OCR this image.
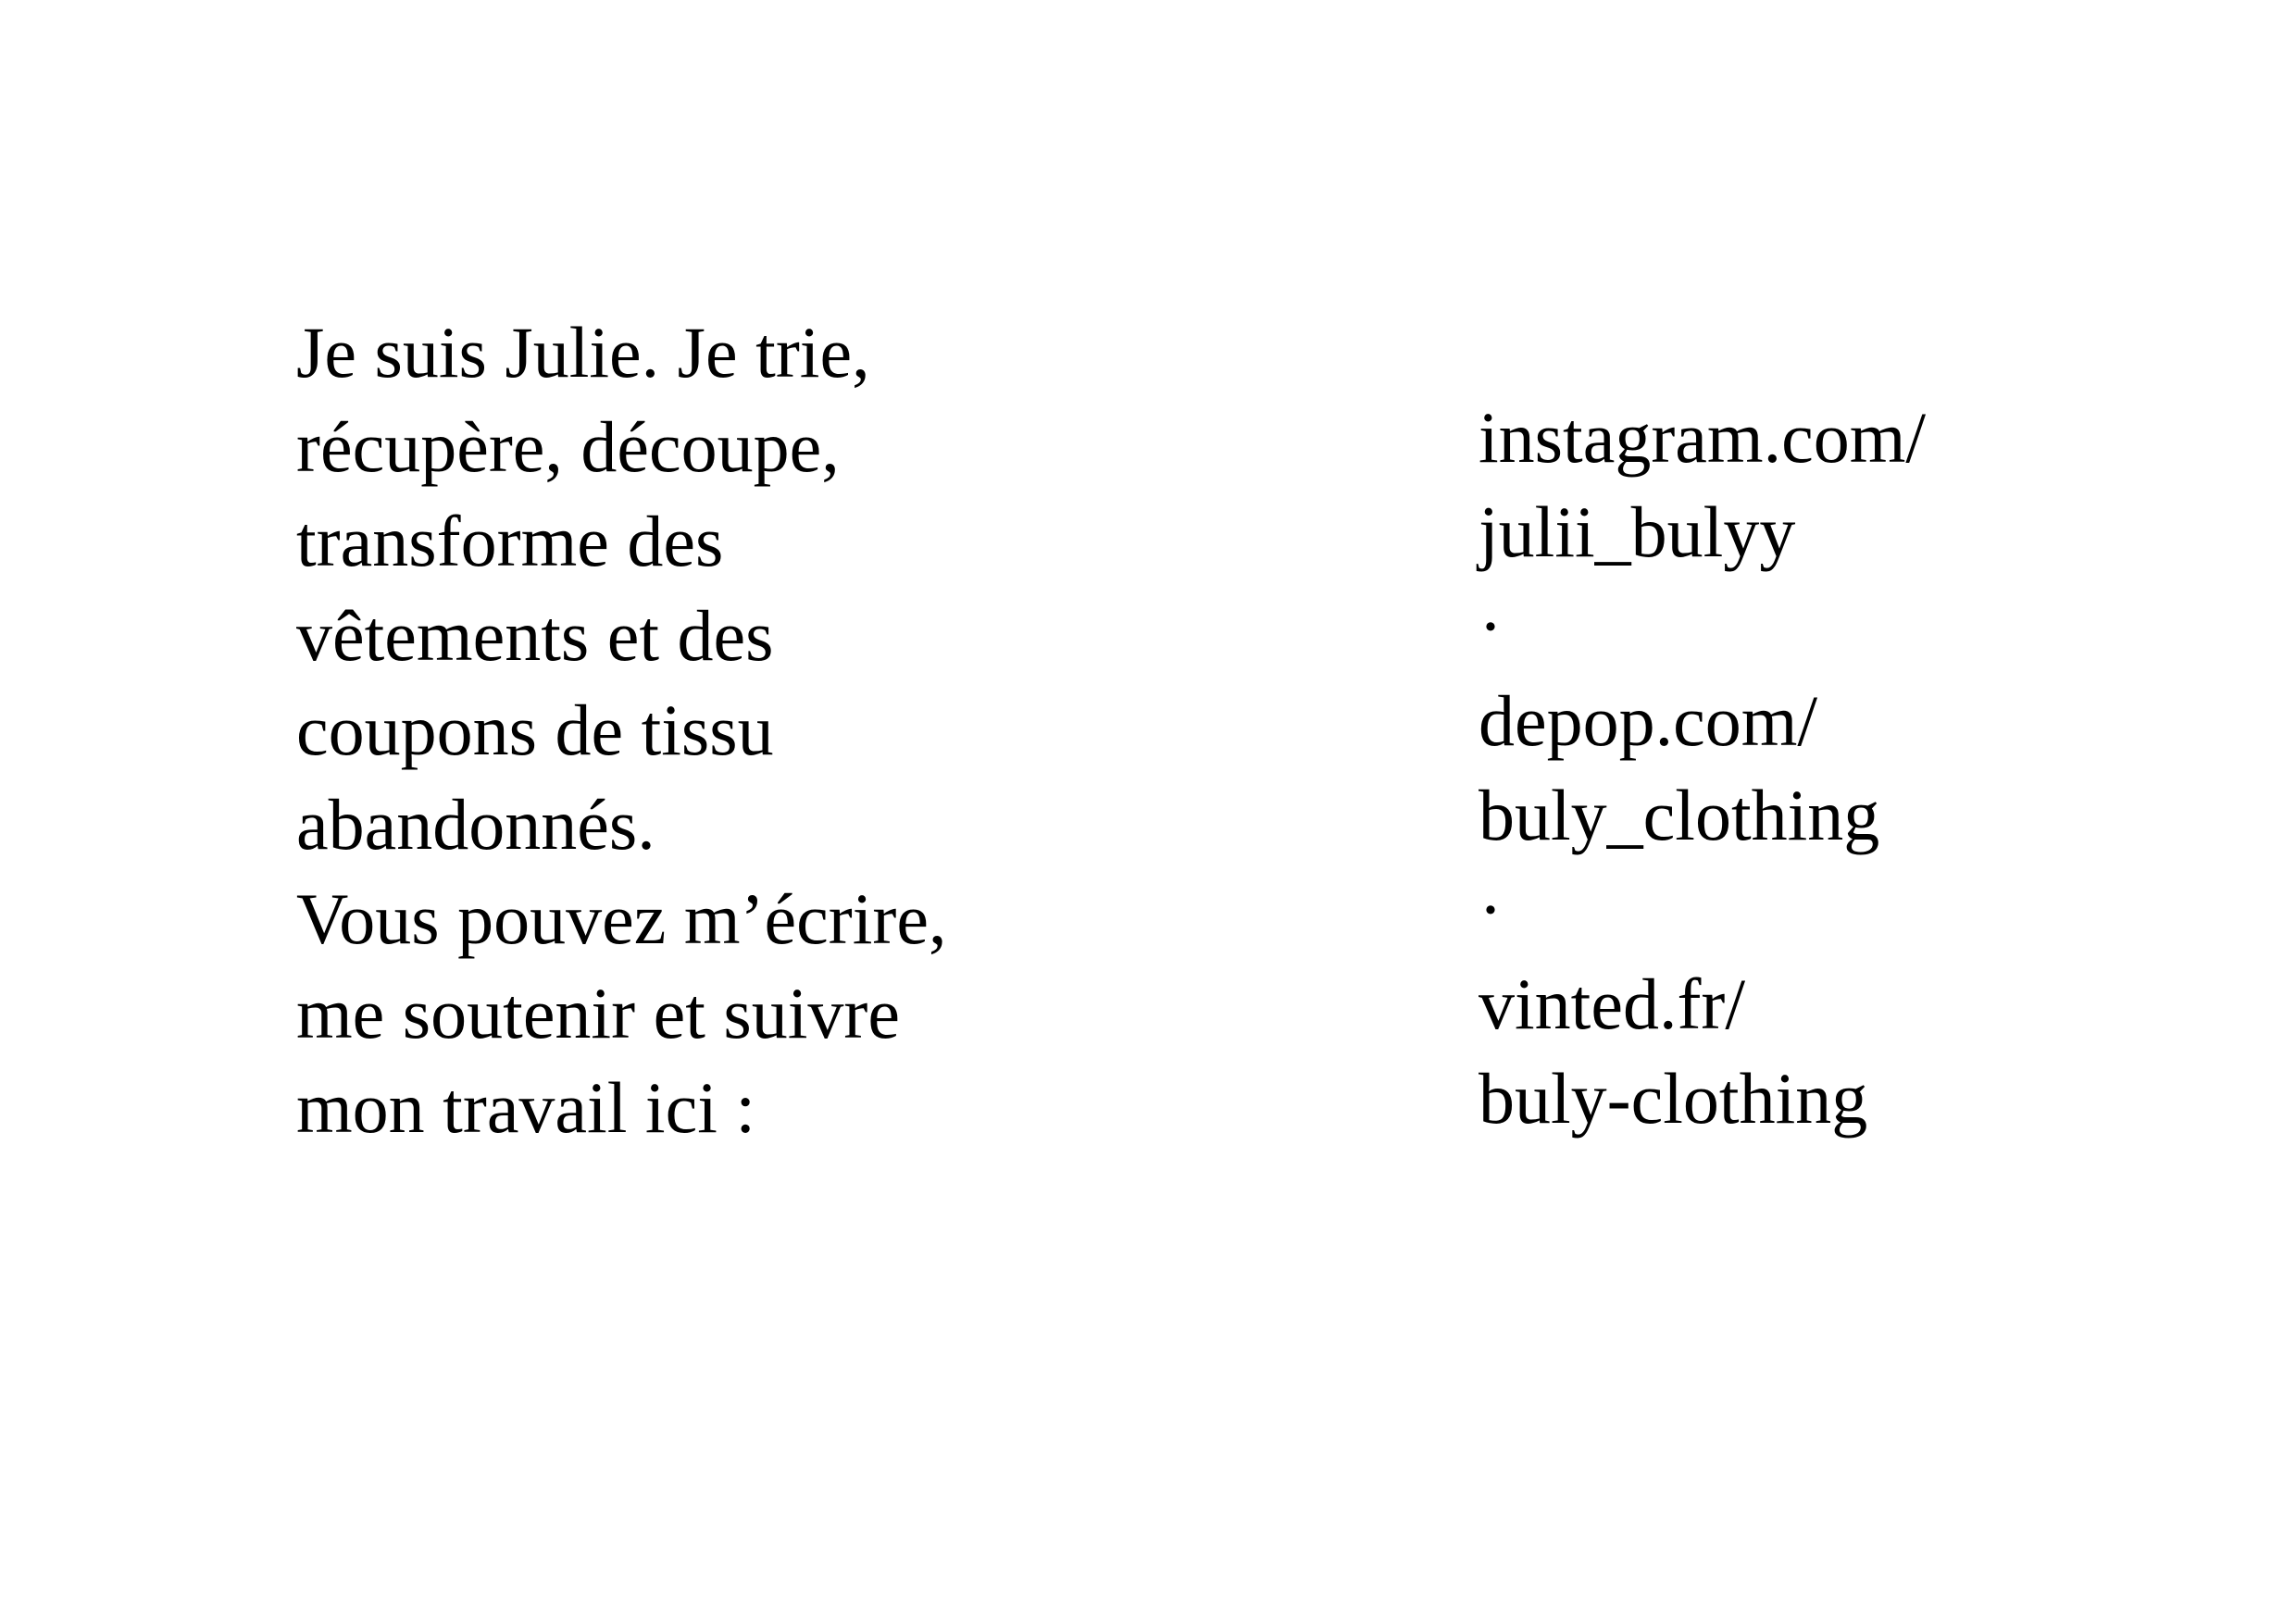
Je suis Julie. Je trie,
récupère, découpe,
transforme des
vêtements et des
coupons de tissu
abandonnés.
Vous pouvez m’écrire,
me soutenir et suivre
mon travail ici :
instagram.com/
julii_bulyy
·
depop.com/
buly_clothing
·
vinted.fr/
buly-clothing
